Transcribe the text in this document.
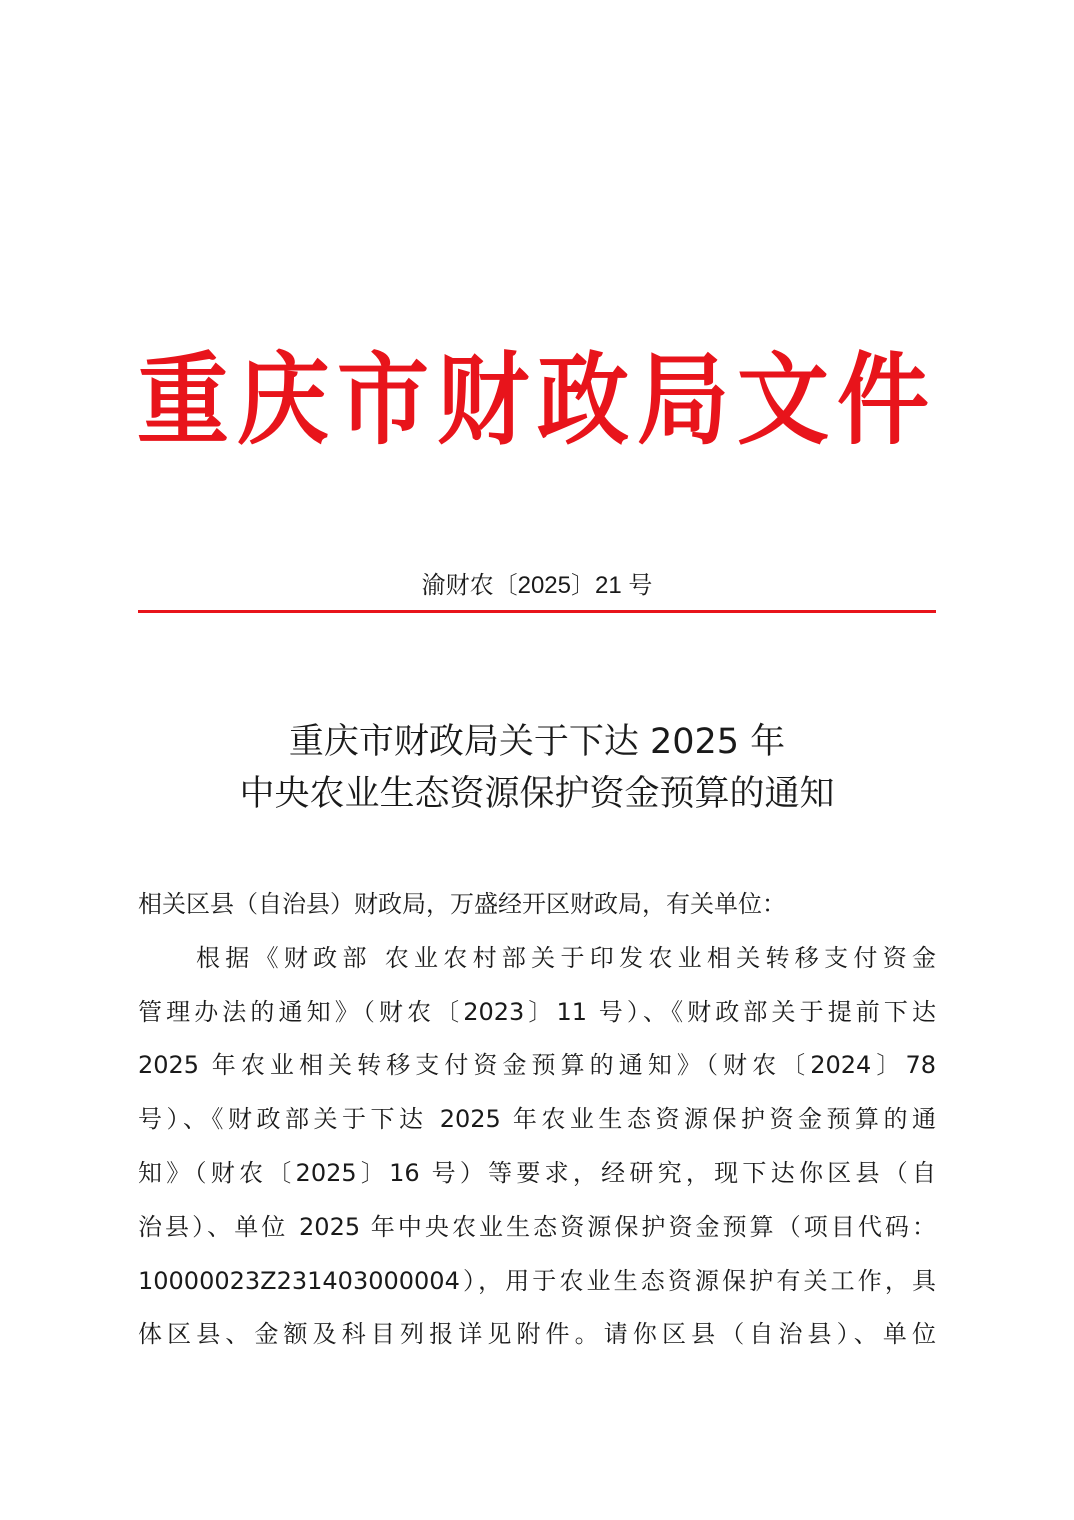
重庆市财政局文件
渝财农〔2025〕21 号
重庆市财政局关于下达 2025 年
中央农业生态资源保护资金预算的通知
相关区县（自治县）财政局，万盛经开区财政局，有关单位：
根据《财政部 农业农村部关于印发农业相关转移支付资金
管理办法的通知》（财农〔2023〕11 号）、《财政部关于提前下达
2025 年农业相关转移支付资金预算的通知》（财农〔2024〕78
号）、《财政部关于下达 2025 年农业生态资源保护资金预算的通
知》（财农〔2025〕16 号）等要求，经研究，现下达你区县（自
治县）、单位 2025 年中央农业生态资源保护资金预算（项目代码：
10000023Z231403000004），用于农业生态资源保护有关工作，具
体区县、金额及科目列报详见附件。请你区县（自治县）、单位
